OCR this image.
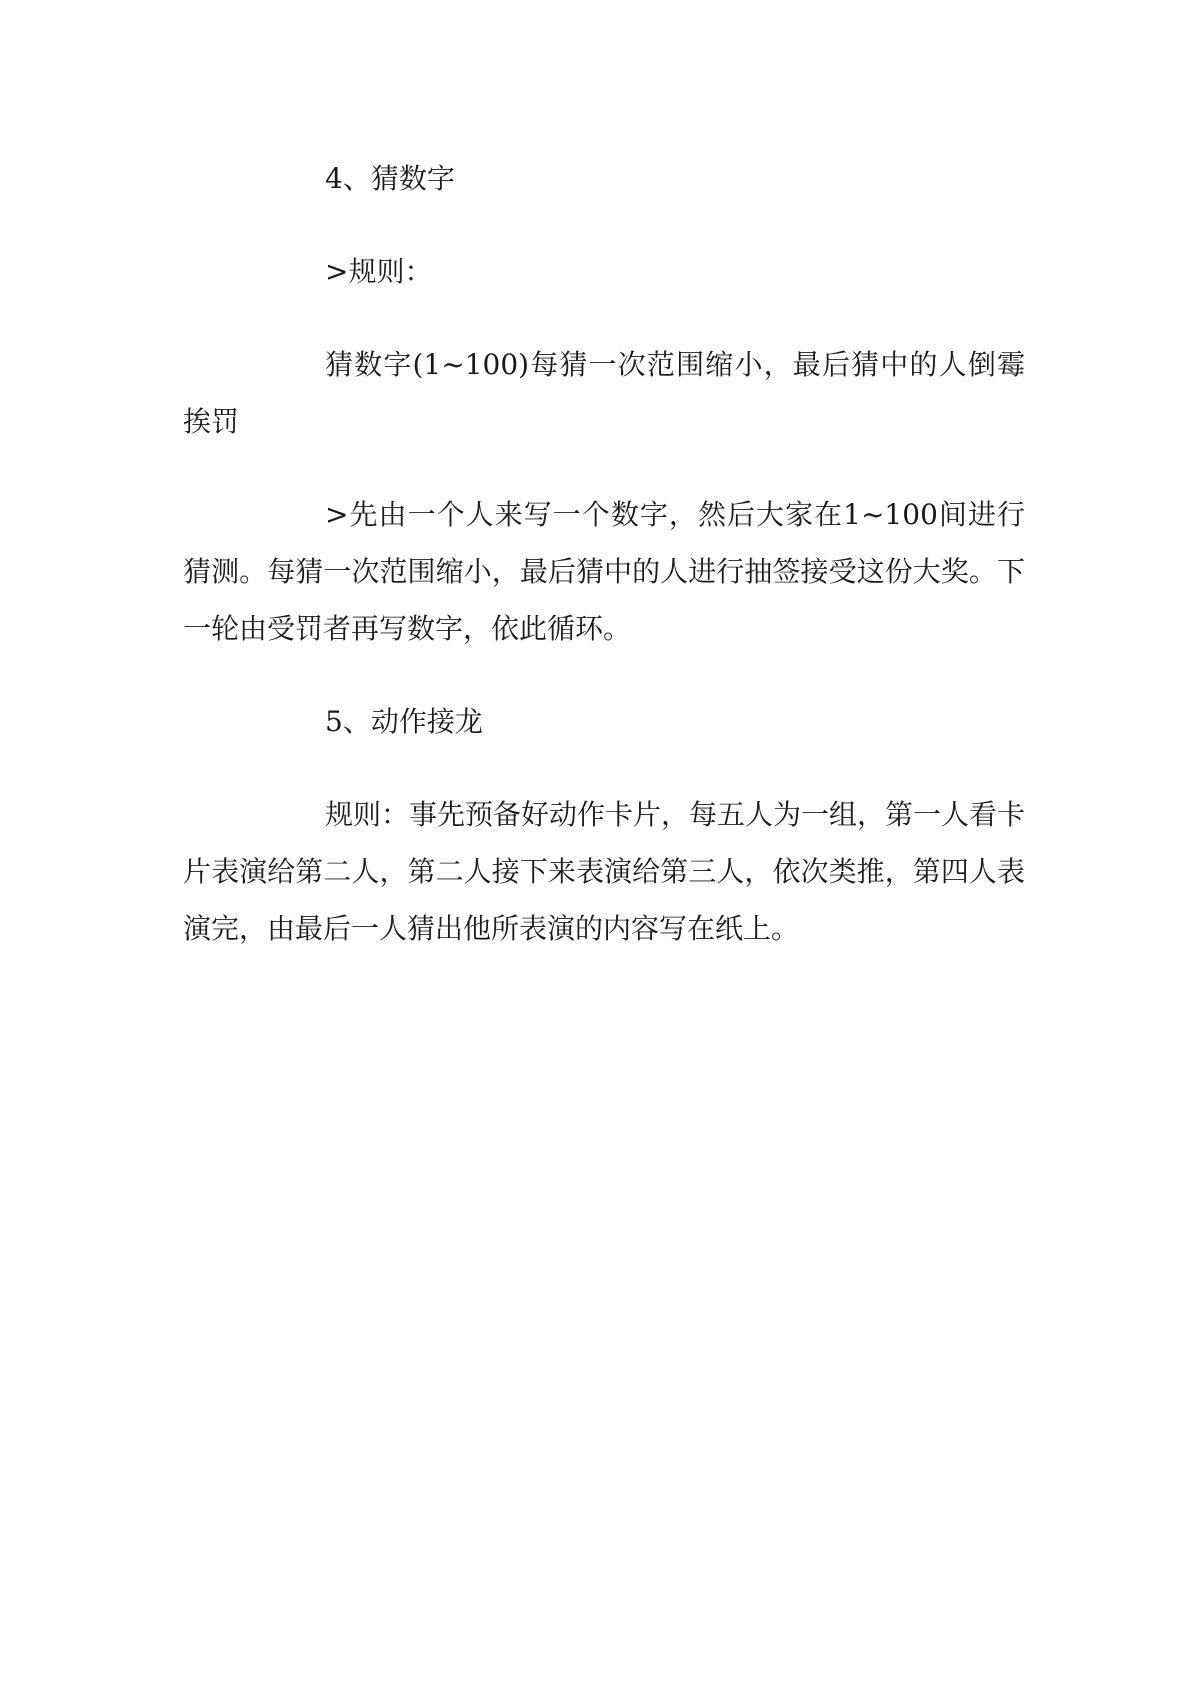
4、猜数字

>规则：

猜数字(1~100)每猜一次范围缩小，最后猜中的人倒霉挨罚

>先由一个人来写一个数字，然后大家在1~100间进行猜测。每猜一次范围缩小，最后猜中的人进行抽签接受这份大奖。下一轮由受罚者再写数字，依此循环。

5、动作接龙

规则：事先预备好动作卡片，每五人为一组，第一人看卡片表演给第二人，第二人接下来表演给第三人，依次类推，第四人表演完，由最后一人猜出他所表演的内容写在纸上。
